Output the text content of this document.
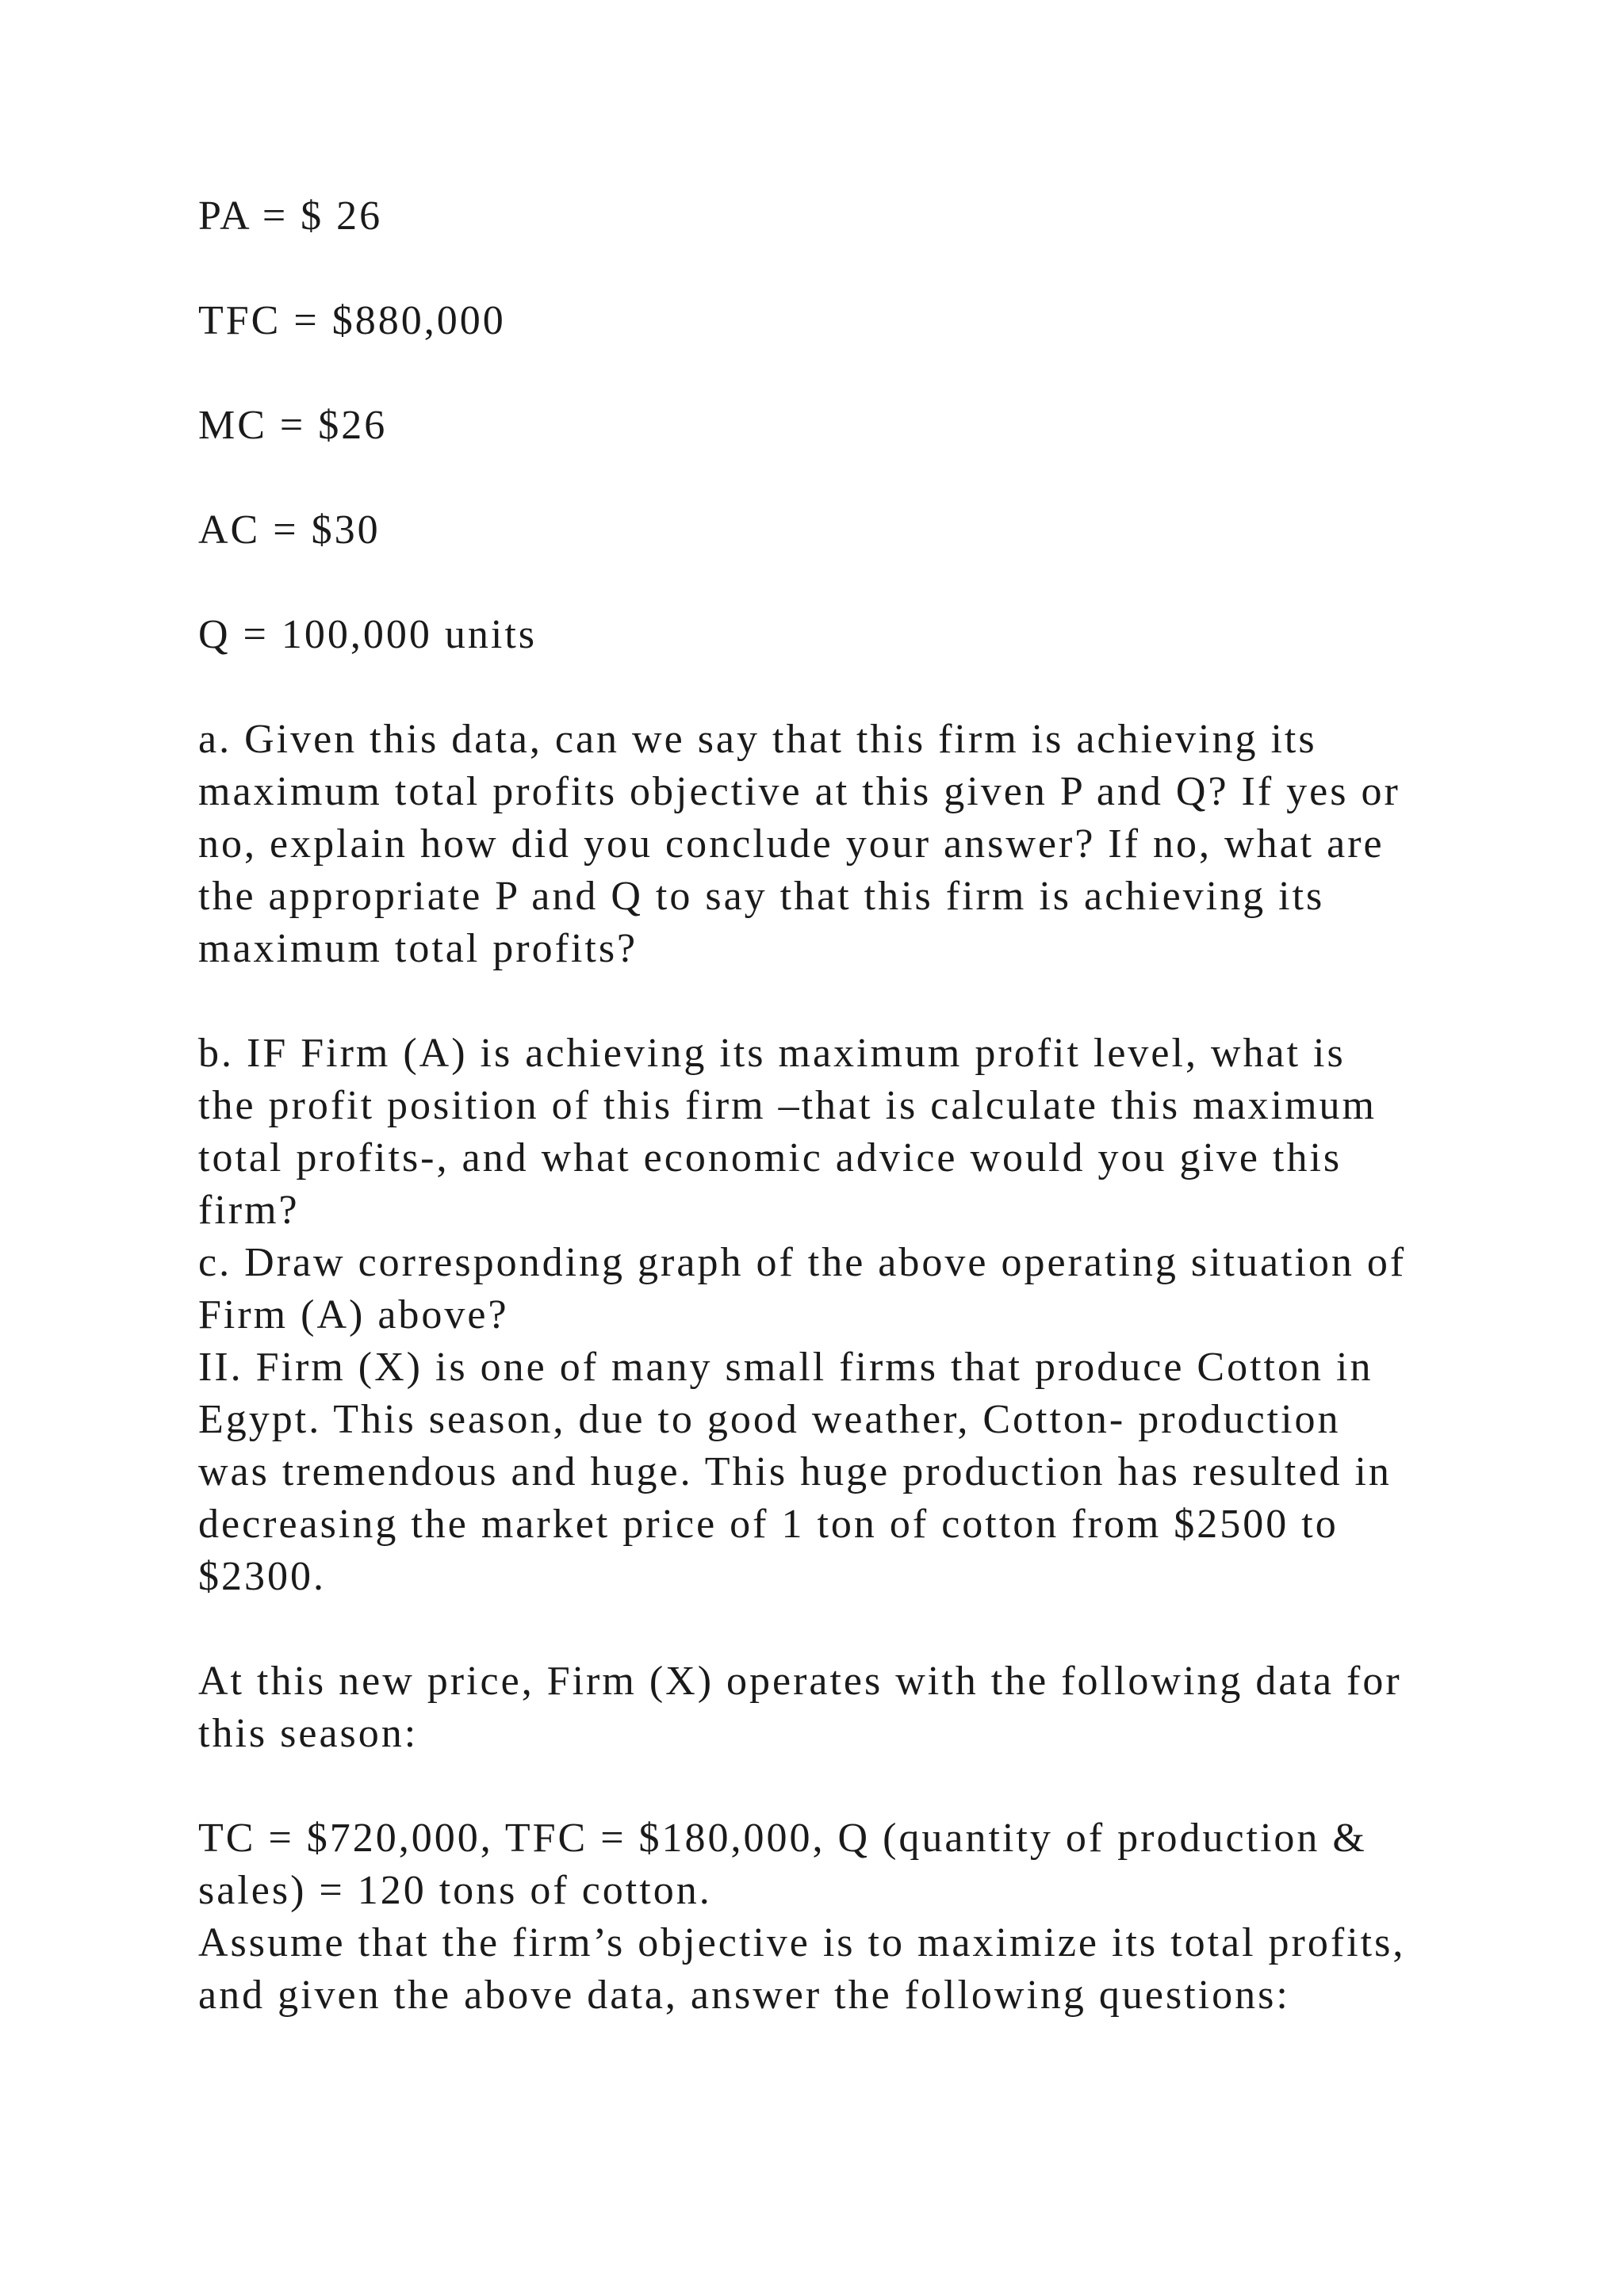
PA = $ 26

TFC = $880,000

MC = $26

AC = $30

Q = 100,000 units

a. Given this data, can we say that this firm is achieving its
maximum total profits objective at this given P and Q? If yes or
no, explain how did you conclude your answer? If no, what are
the appropriate P and Q to say that this firm is achieving its
maximum total profits?

b. IF Firm (A) is achieving its maximum profit level, what is
the profit position of this firm –that is calculate this maximum
total profits-, and what economic advice would you give this
firm?

c. Draw corresponding graph of the above operating situation of
Firm (A) above?

II. Firm (X) is one of many small firms that produce Cotton in
Egypt. This season, due to good weather, Cotton- production
was tremendous and huge. This huge production has resulted in
decreasing the market price of 1 ton of cotton from $2500 to
$2300.

At this new price, Firm (X) operates with the following data for
this season:

TC = $720,000, TFC = $180,000, Q (quantity of production &
sales) = 120 tons of cotton.

Assume that the firm’s objective is to maximize its total profits,
and given the above data, answer the following questions:
